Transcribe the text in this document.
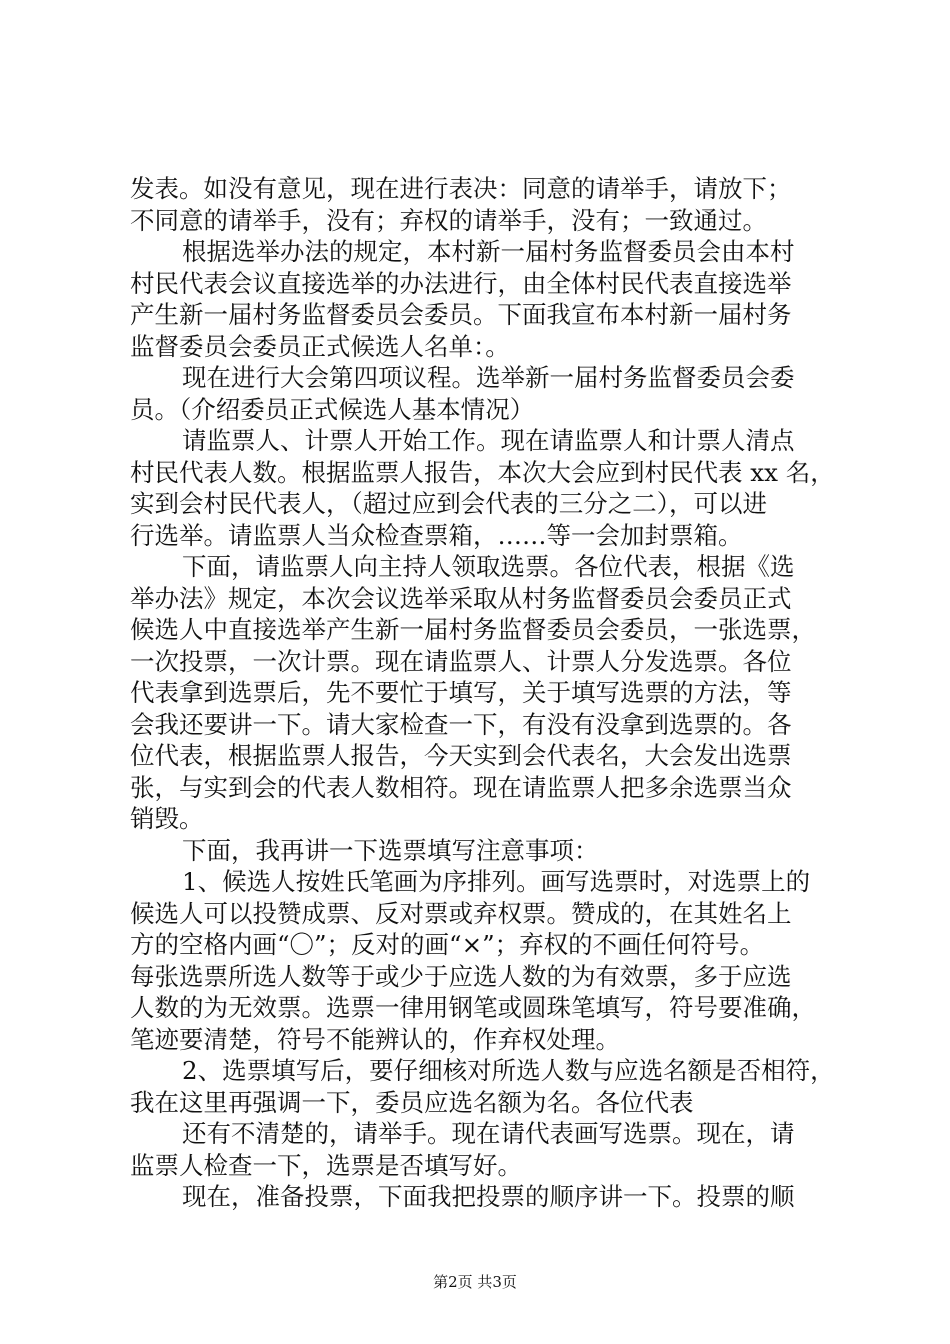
发表。如没有意见，现在进行表决：同意的请举手，请放下；
不同意的请举手，没有；弃权的请举手，没有；一致通过。
根据选举办法的规定，本村新一届村务监督委员会由本村
村民代表会议直接选举的办法进行，由全体村民代表直接选举
产生新一届村务监督委员会委员。下面我宣布本村新一届村务
监督委员会委员正式候选人名单：。
现在进行大会第四项议程。选举新一届村务监督委员会委
员。（介绍委员正式候选人基本情况）
请监票人、计票人开始工作。现在请监票人和计票人清点
村民代表人数。根据监票人报告，本次大会应到村民代表 xx 名，
实到会村民代表人，（超过应到会代表的三分之二），可以进
行选举。请监票人当众检查票箱，……等一会加封票箱。
下面，请监票人向主持人领取选票。各位代表，根据《选
举办法》规定，本次会议选举采取从村务监督委员会委员正式
候选人中直接选举产生新一届村务监督委员会委员，一张选票，
一次投票，一次计票。现在请监票人、计票人分发选票。各位
代表拿到选票后，先不要忙于填写，关于填写选票的方法，等
会我还要讲一下。请大家检查一下，有没有没拿到选票的。各
位代表，根据监票人报告，今天实到会代表名，大会发出选票
张，与实到会的代表人数相符。现在请监票人把多余选票当众
销毁。
下面，我再讲一下选票填写注意事项：
1、候选人按姓氏笔画为序排列。画写选票时，对选票上的
候选人可以投赞成票、反对票或弃权票。赞成的，在其姓名上
方的空格内画“〇”；反对的画“×”；弃权的不画任何符号。
每张选票所选人数等于或少于应选人数的为有效票，多于应选
人数的为无效票。选票一律用钢笔或圆珠笔填写，符号要准确，
笔迹要清楚，符号不能辨认的，作弃权处理。
2、选票填写后，要仔细核对所选人数与应选名额是否相符，
我在这里再强调一下，委员应选名额为名。各位代表
还有不清楚的，请举手。现在请代表画写选票。现在，请
监票人检查一下，选票是否填写好。
现在，准备投票，下面我把投票的顺序讲一下。投票的顺
第2页 共3页
